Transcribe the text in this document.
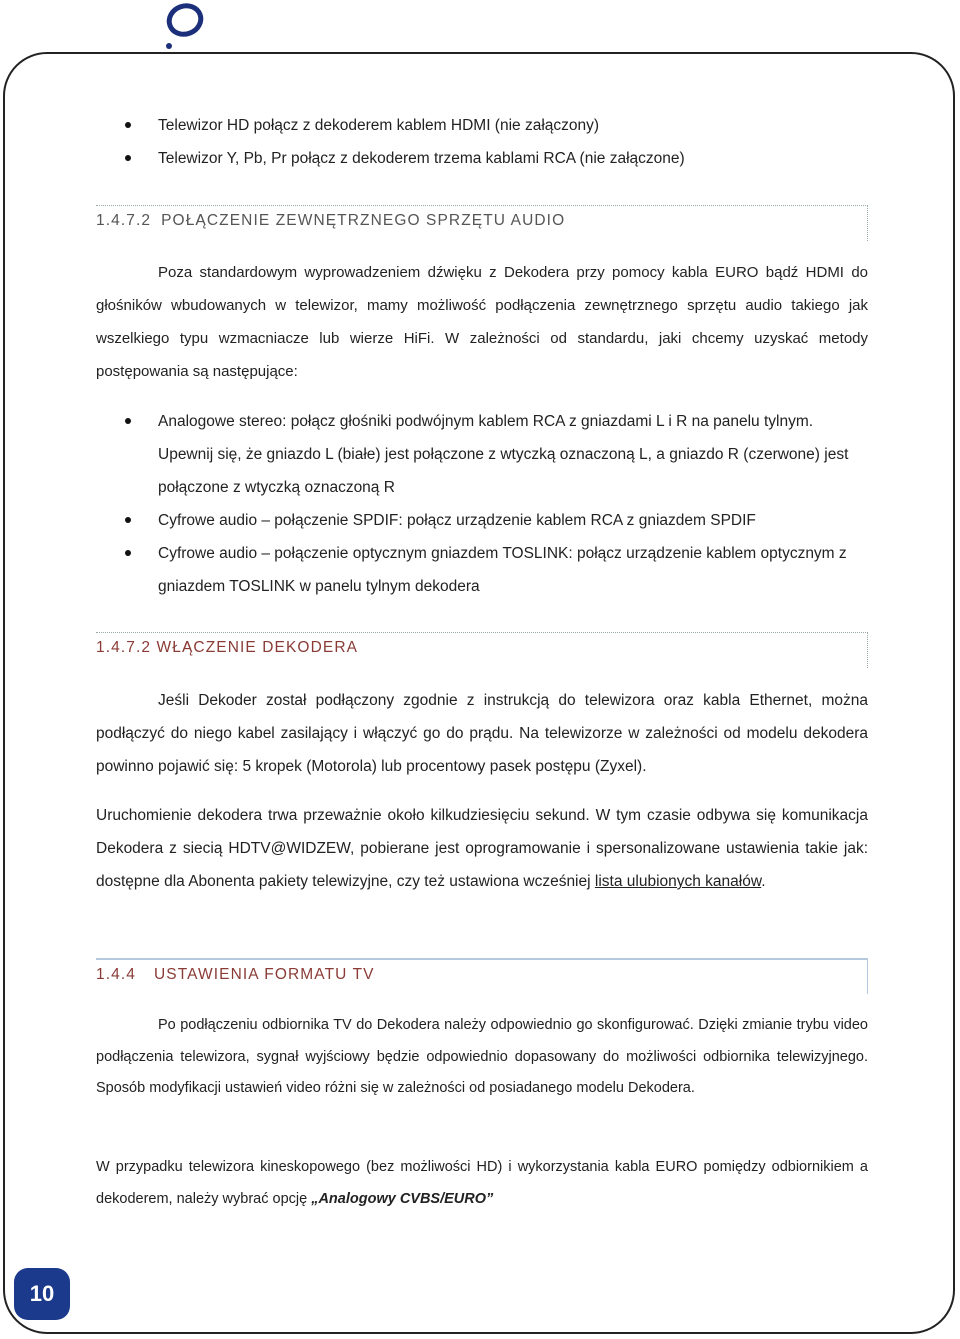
Telewizor HD połącz z dekoderem kablem HDMI (nie załączony)
Telewizor Y, Pb, Pr połącz z dekoderem trzema kablami RCA (nie załączone)
1.4.7.2 POŁĄCZENIE ZEWNĘTRZNEGO SPRZĘTU AUDIO
Poza standardowym wyprowadzeniem dźwięku z Dekodera przy pomocy kabla EURO bądź HDMI do głośników wbudowanych w telewizor, mamy możliwość podłączenia zewnętrznego sprzętu audio takiego jak wszelkiego typu wzmacniacze lub wierze HiFi. W zależności od standardu, jaki chcemy uzyskać metody postępowania są następujące:
Analogowe stereo: połącz głośniki podwójnym kablem RCA z gniazdami L i R na panelu tylnym. Upewnij się, że gniazdo L (białe) jest połączone z wtyczką oznaczoną L, a gniazdo R (czerwone) jest połączone z wtyczką oznaczoną R
Cyfrowe audio – połączenie SPDIF: połącz urządzenie kablem RCA z gniazdem SPDIF
Cyfrowe audio – połączenie optycznym gniazdem TOSLINK: połącz urządzenie kablem optycznym z gniazdem TOSLINK w panelu tylnym dekodera
1.4.7.2 WŁĄCZENIE DEKODERA
Jeśli Dekoder został podłączony zgodnie z instrukcją do telewizora oraz kabla Ethernet, można podłączyć do niego kabel zasilający i włączyć go do prądu. Na telewizorze w zależności od modelu dekodera powinno pojawić się: 5 kropek (Motorola) lub procentowy pasek postępu (Zyxel).
Uruchomienie dekodera trwa przeważnie około kilkudziesięciu sekund. W tym czasie odbywa się komunikacja Dekodera z siecią HDTV@WIDZEW, pobierane jest oprogramowanie i spersonalizowane ustawienia takie jak: dostępne dla Abonenta pakiety telewizyjne, czy też ustawiona wcześniej lista ulubionych kanałów.
1.4.4 USTAWIENIA FORMATU TV
Po podłączeniu odbiornika TV do Dekodera należy odpowiednio go skonfigurować. Dzięki zmianie trybu video podłączenia telewizora, sygnał wyjściowy będzie odpowiednio dopasowany do możliwości odbiornika telewizyjnego. Sposób modyfikacji ustawień video różni się w zależności od posiadanego modelu Dekodera.
W przypadku telewizora kineskopowego (bez możliwości HD) i wykorzystania kabla EURO pomiędzy odbiornikiem a dekoderem, należy wybrać opcję „Analogowy CVBS/EURO”
10
